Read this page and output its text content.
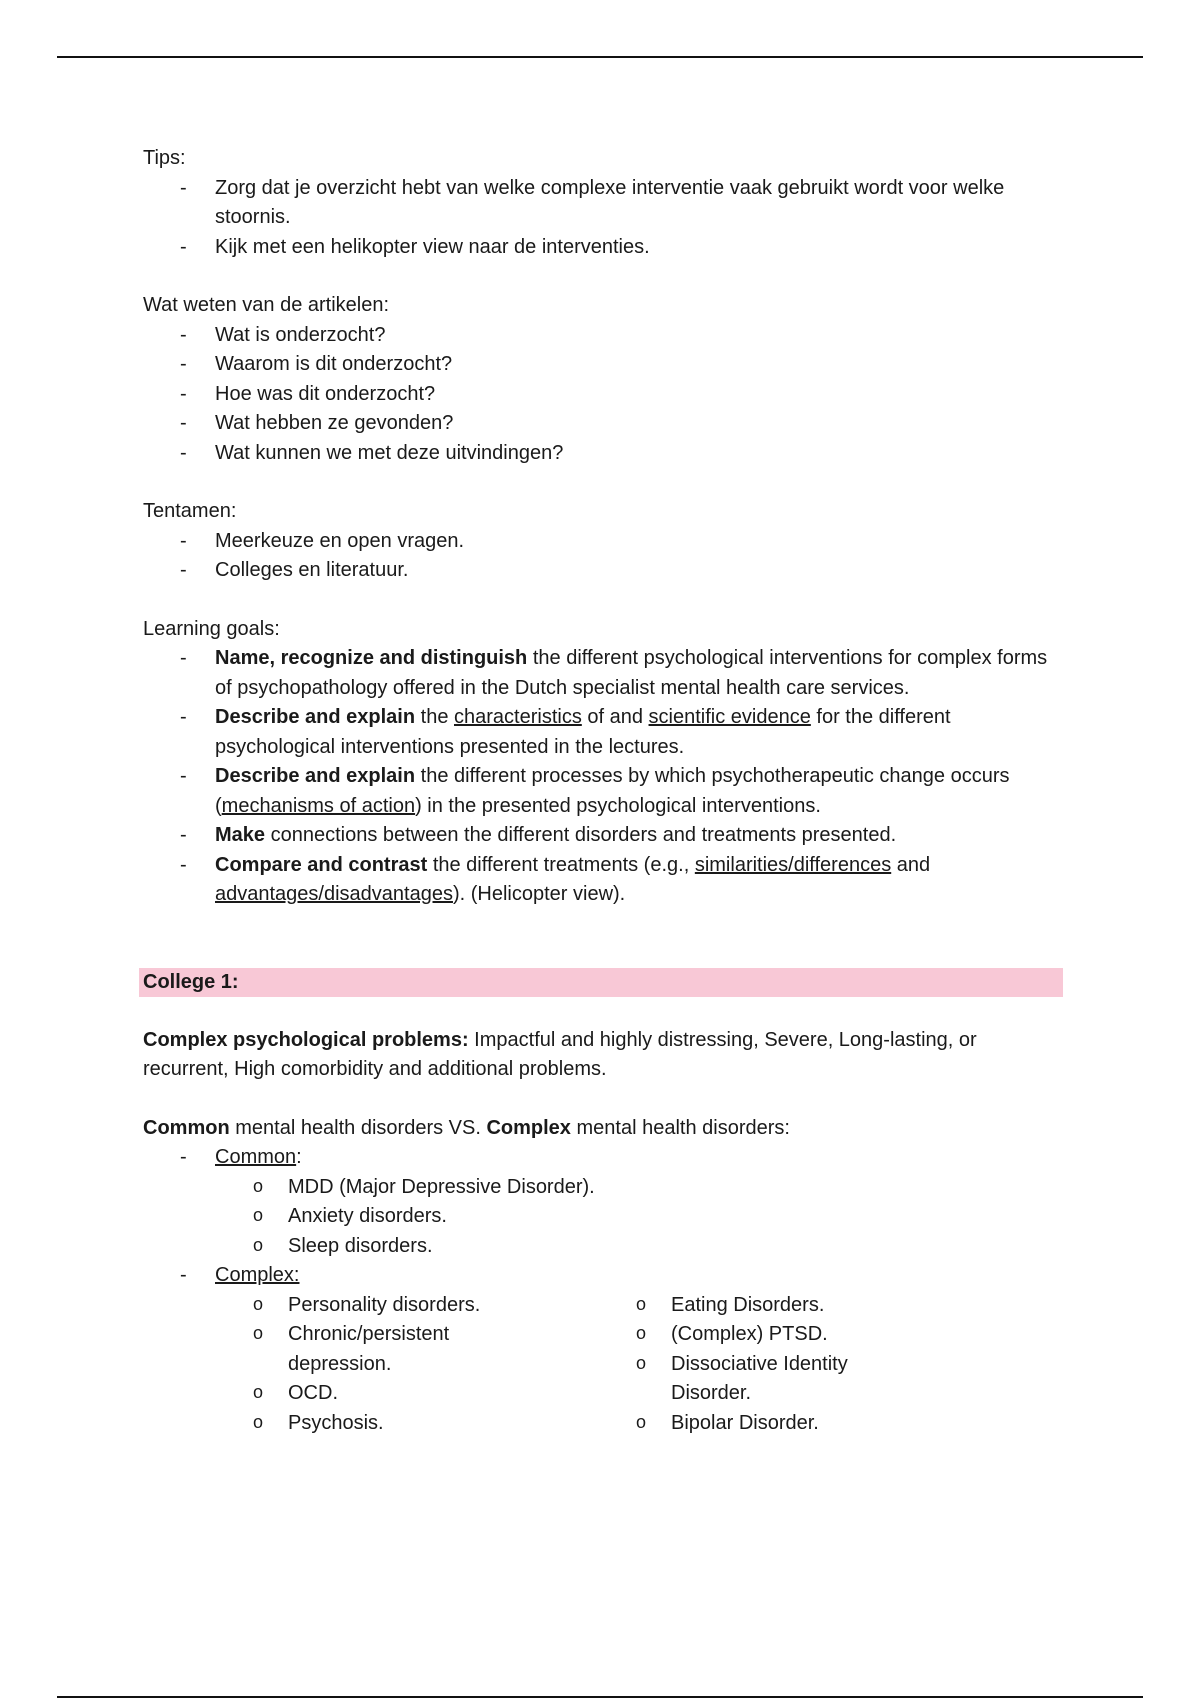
Tips:

- Zorg dat je overzicht hebt van welke complexe interventie vaak gebruikt wordt voor welke stoornis.
- Kijk met een helikopter view naar de interventies.

Wat weten van de artikelen:

- Wat is onderzocht?
- Waarom is dit onderzocht?
- Hoe was dit onderzocht?
- Wat hebben ze gevonden?
- Wat kunnen we met deze uitvindingen?

Tentamen:

- Meerkeuze en open vragen.
- Colleges en literatuur.

Learning goals:

- Name, recognize and distinguish the different psychological interventions for complex forms of psychopathology offered in the Dutch specialist mental health care services.
- Describe and explain the characteristics of and scientific evidence for the different psychological interventions presented in the lectures.
- Describe and explain the different processes by which psychotherapeutic change occurs (mechanisms of action) in the presented psychological interventions.
- Make connections between the different disorders and treatments presented.
- Compare and contrast the different treatments (e.g., similarities/differences and advantages/disadvantages). (Helicopter view).
College 1:

Complex psychological problems: Impactful and highly distressing, Severe, Long-lasting, or recurrent, High comorbidity and additional problems.

Common mental health disorders VS. Complex mental health disorders:

- Common:
o MDD (Major Depressive Disorder).
o Anxiety disorders.
o Sleep disorders.
- Complex:
o Personality disorders.
o Chronic/persistent depression.
o OCD.
o Psychosis.
o Eating Disorders.
o (Complex) PTSD.
o Dissociative Identity Disorder.
o Bipolar Disorder.
